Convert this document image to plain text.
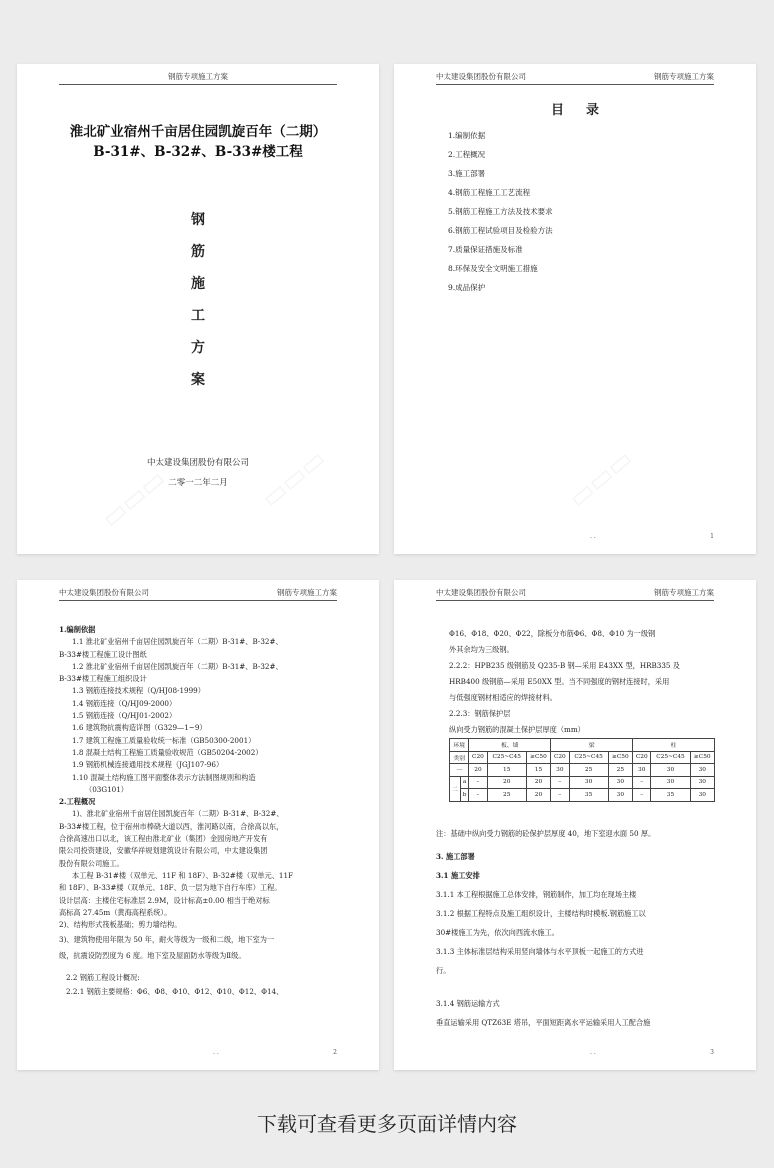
钢筋专项施工方案
淮北矿业宿州千亩居住园凯旋百年（二期）
B-31#、B-32#、B-33#楼工程
钢
筋
施
工
方
案
中太建设集团股份有限公司
二零一二年二月
中太建设集团股份有限公司	钢筋专项施工方案
目录
1.编制依据
2.工程概况
3.施工部署
4.钢筋工程施工工艺流程
5.钢筋工程施工方法及技术要求
6.钢筋工程试验项目及检验方法
7.质量保证措施及标准
8.环保及安全文明施工措施
9.成品保护
. .	1
中太建设集团股份有限公司	钢筋专项施工方案

1.编制依据

1.1 淮北矿业宿州千亩居住园凯旋百年（二期）B-31#、B-32#、

B-33#楼工程施工设计图纸

1.2 淮北矿业宿州千亩居住园凯旋百年（二期）B-31#、B-32#、

B-33#楼工程施工组织设计

1.3 钢筋连接技术规程（Q/HJ08-1999）

1.4 钢筋连接（Q/HJ09-2000）

1.5 钢筋连接（Q/HJ01-2002）

1.6 建筑物抗震构造详图（G329—1~9）

1.7 建筑工程施工质量验收统一标准（GB50300-2001）

1.8 混凝土结构工程施工质量验收规范（GB50204-2002）

1.9 钢筋机械连接通用技术规程（JGJ107-96）

1.10 混凝土结构施工图平面整体表示方法制图规则和构造

（03G101）

2.工程概况

1)、淮北矿业宿州千亩居住园凯旋百年（二期）B-31#、B-32#、

B-33#楼工程，位于宿州市棒硗大道以西，淮河路以南，合徐高以东，

合徐高速出口以北，该工程由淮北矿业（集团）金园房地产开发有

限公司投资建设，安徽华祥规划建筑设计有限公司，中太建设集团

股份有限公司施工。

本工程 B-31#楼（双单元、11F 和 18F）、B-32#楼（双单元、11F

和 18F）、B-33#楼（双单元、18F、负一层为地下自行车库）工程。

设计层高：主楼住宅标准层 2.9M，设计标高±0.00 相当于绝对标

高标高 27.45m（黄海高程系统）。

2)、结构形式筏板基础；剪力墙结构。

3)、建筑物使用年限为 50 年，耐火等级为一级和二级，地下室为一

级，抗震设防烈度为 6 度。地下室及屋面防水等级为Ⅱ级。

2.2 钢筋工程设计概况:

2.2.1 钢筋主要规格：Φ6、Φ8、Φ10、Φ12、Φ10、Φ12、Φ14、

. .	2
中太建设集团股份有限公司	钢筋专项施工方案

Φ16、Φ18、Φ20、Φ22，除板分布筋Φ6、Φ8、Φ10 为一级钢

外其余均为三级钢。

2.2.2：HPB235 级钢筋及 Q235-B 钢—采用 E43XX 型，HRB335 及

HRB400 级钢筋—采用 E50XX 型。当不同强度的钢材连接时，采用

与低强度钢材相适应的焊接材料。

2.2.3：钢筋保护层

纵向受力钢筋的混凝土保护层厚度（mm）

环境		板、墙			梁			柱		
类别		C20	C25~C45	≥C50	C20	C25~C45	≥C50	C20	C25~C45	≥C50
一		20	15	15	30	25	25	30	30	30
二	a	–	20	20	–	30	30	–	30	30
	b	–	25	20	–	35	30	–	35	30

注：基础中纵向受力钢筋的砼保护层厚度 40，地下室迎水面 50 厚。

3. 施工部署

3.1 施工安排

3.1.1 本工程根据施工总体安排，钢筋制作，加工均在现场主楼

3.1.2 根据工程特点及施工组织设计，主楼结构时模板.钢筋施工以

30#楼施工为先，依次向西流水施工。

3.1.3 主体标准层结构采用竖向墙体与水平顶板一起施工的方式进

行。

3.1.4 钢筋运输方式

垂直运输采用 QTZ63E 塔吊，平面短距离水平运输采用人工配合施

. .	3
下载可查看更多页面详情内容
